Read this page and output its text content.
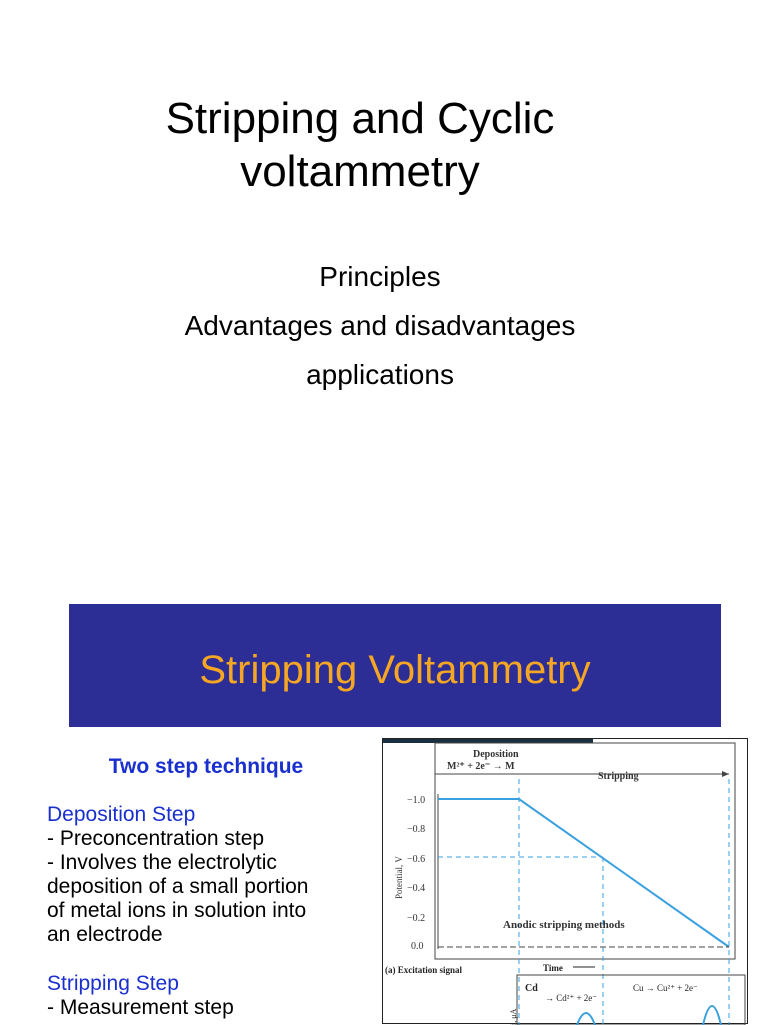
Stripping and Cyclic
voltammetry
Principles
Advantages and disadvantages
applications
Stripping Voltammetry
Two step technique
Deposition Step
- Preconcentration step
- Involves the electrolytic
deposition of a small portion
of metal ions in solution into
an electrode
Stripping Step
- Measurement step
Deposition
M²⁺ + 2e⁻ → M
Stripping
−1.0
−0.8
−0.6
−0.4
−0.2
0.0
Potential, V
Anodic stripping methods
(a) Excitation signal	Time
Cu → Cu²⁺ + 2e⁻
Cd
→ Cd²⁺ + 2e⁻
i, μA
